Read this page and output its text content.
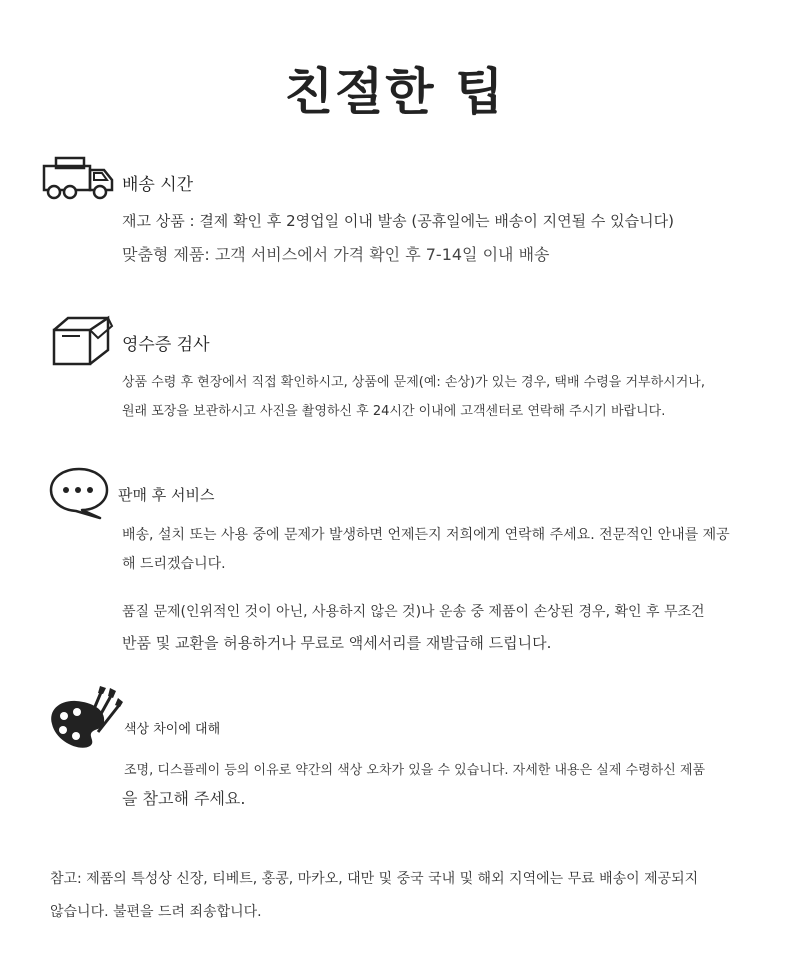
친절한 팁
배송 시간
재고 상품 : 결제 확인 후 2영업일 이내 발송 (공휴일에는 배송이 지연될 수 있습니다)
맞춤형 제품: 고객 서비스에서 가격 확인 후 7-14일 이내 배송
영수증 검사
상품 수령 후 현장에서 직접 확인하시고, 상품에 문제(예: 손상)가 있는 경우, 택배 수령을 거부하시거나,
원래 포장을 보관하시고 사진을 촬영하신 후 24시간 이내에 고객센터로 연락해 주시기 바랍니다.
판매 후 서비스
배송, 설치 또는 사용 중에 문제가 발생하면 언제든지 저희에게 연락해 주세요. 전문적인 안내를 제공
해 드리겠습니다.
품질 문제(인위적인 것이 아닌, 사용하지 않은 것)나 운송 중 제품이 손상된 경우, 확인 후 무조건
반품 및 교환을 허용하거나 무료로 액세서리를 재발급해 드립니다.
색상 차이에 대해
조명, 디스플레이 등의 이유로 약간의 색상 오차가 있을 수 있습니다. 자세한 내용은 실제 수령하신 제품
을 참고해 주세요.
참고: 제품의 특성상 신장, 티베트, 홍콩, 마카오, 대만 및 중국 국내 및 해외 지역에는 무료 배송이 제공되지
않습니다. 불편을 드려 죄송합니다.
